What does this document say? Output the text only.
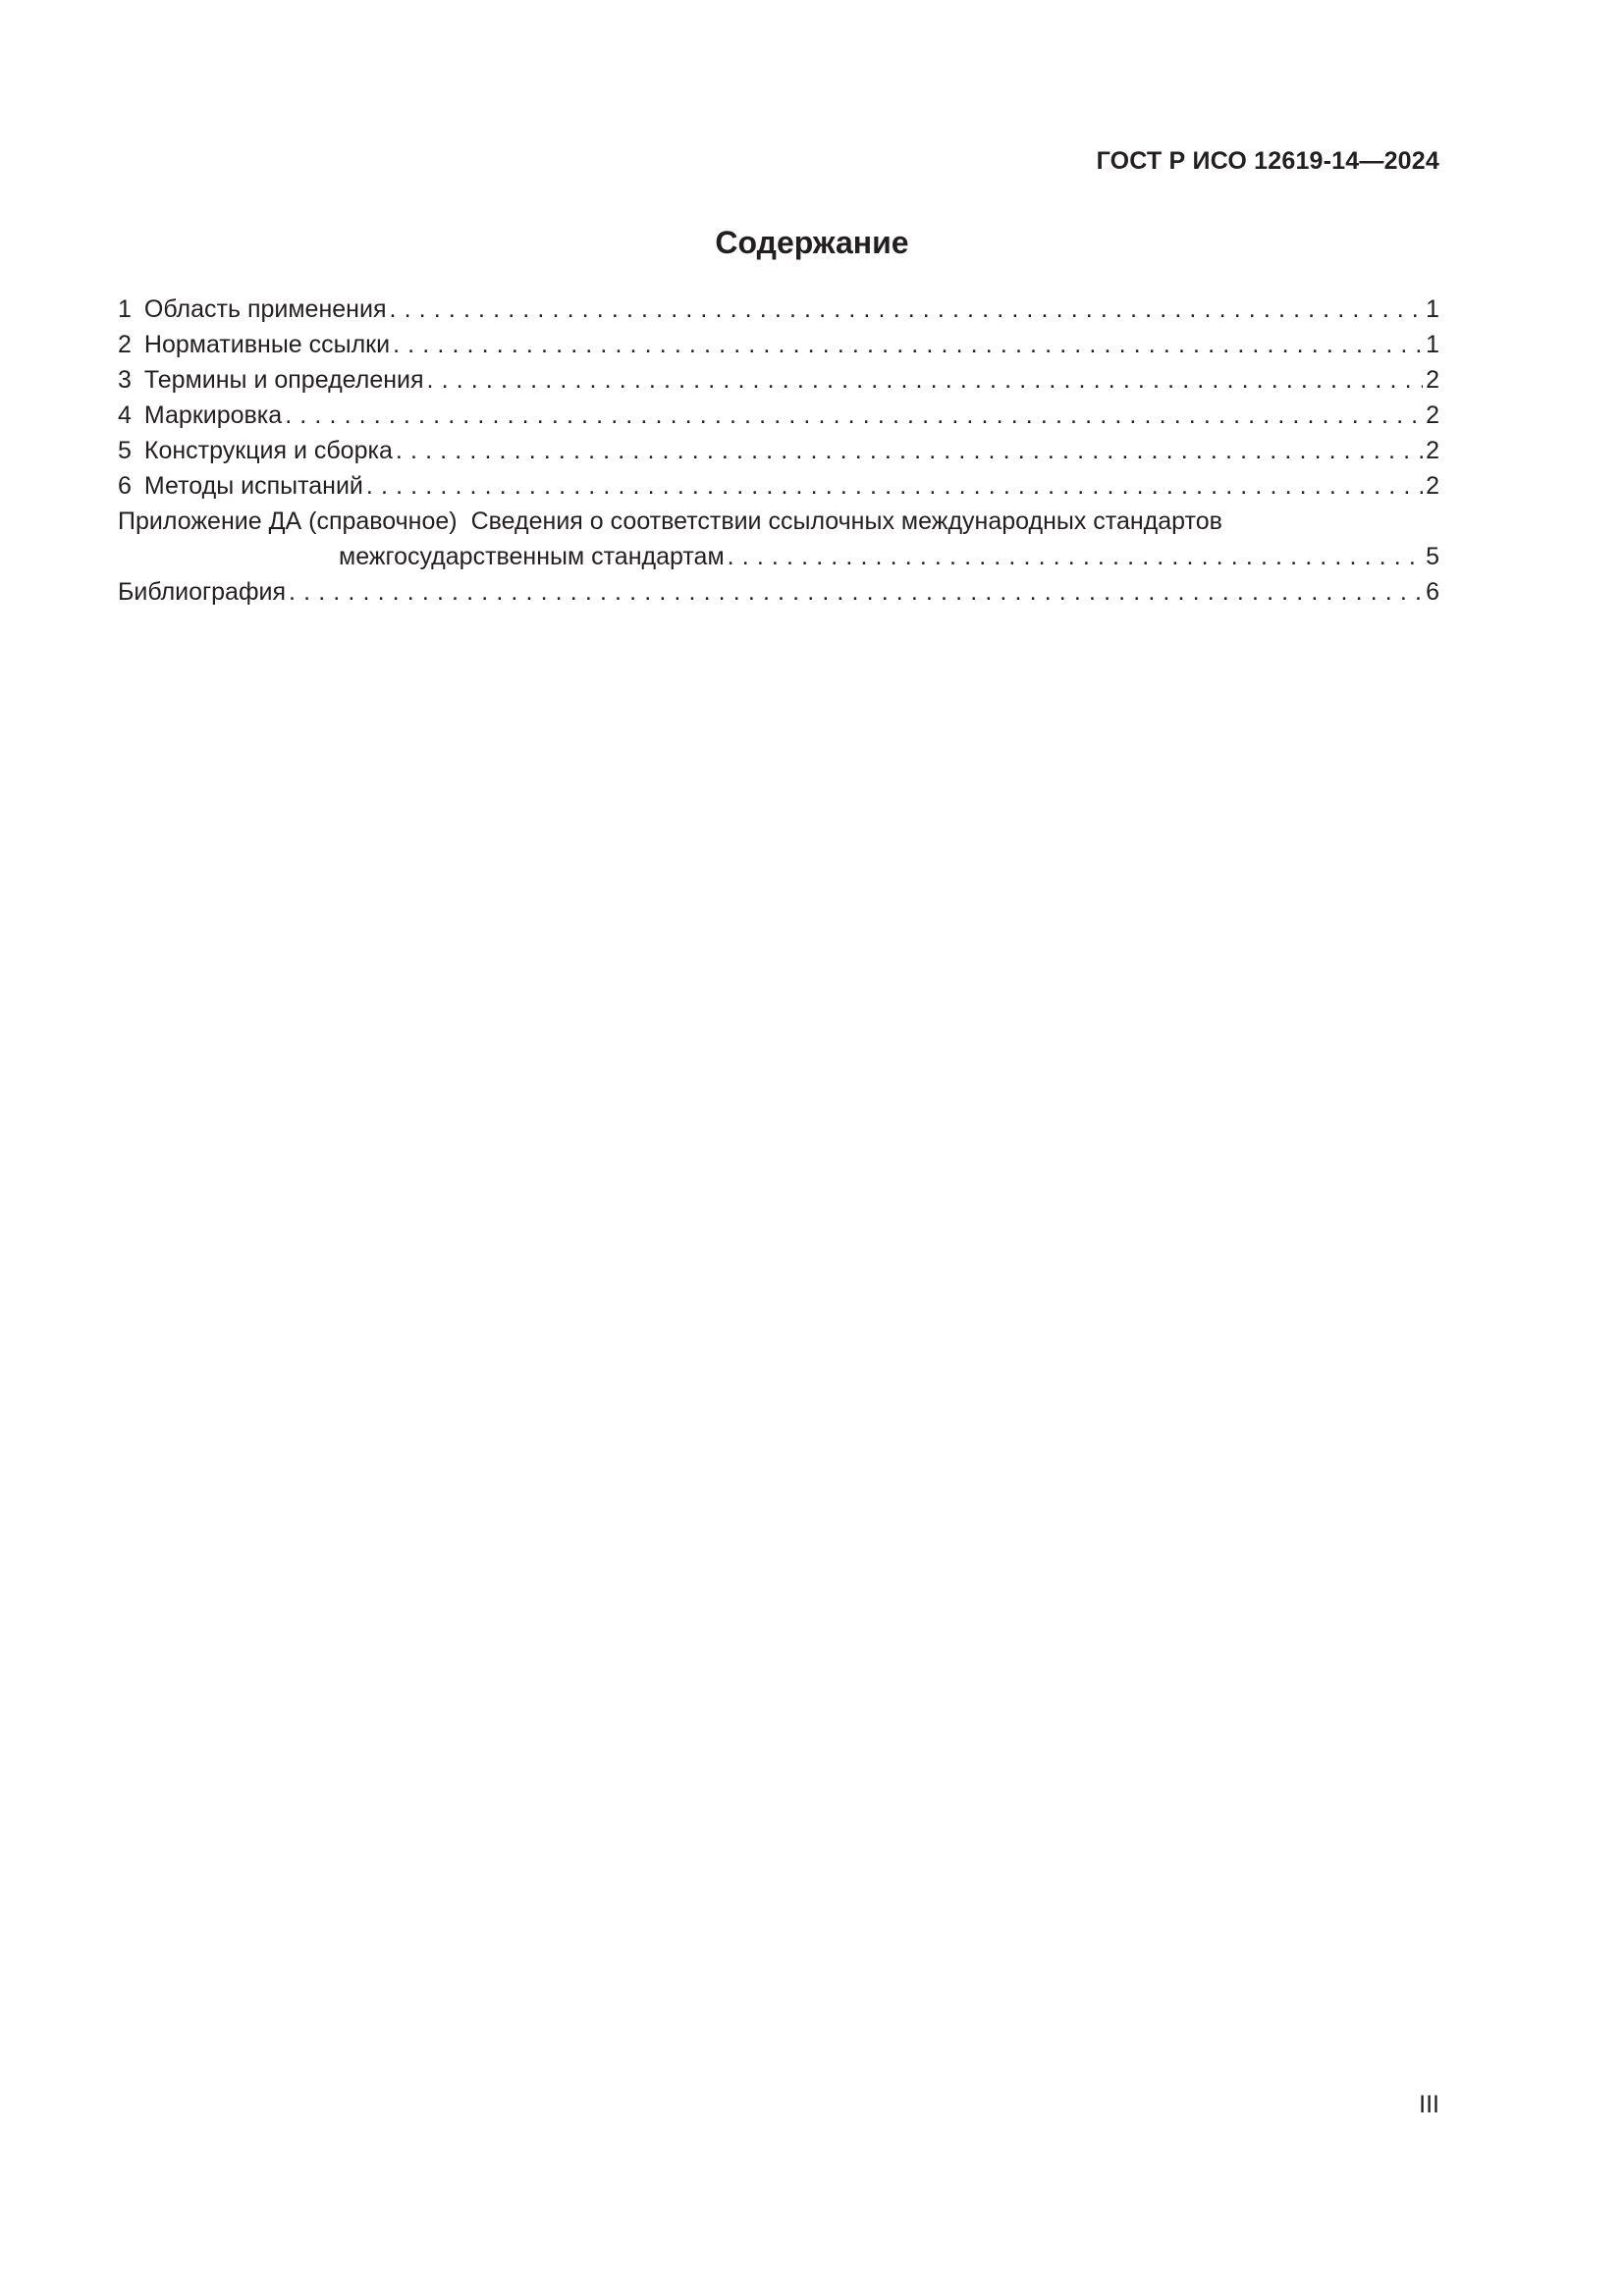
ГОСТ Р ИСО 12619-14—2024
Содержание
1 Область применения . . .	1
2 Нормативные ссылки . . .	1
3 Термины и определения . . .	2
4 Маркировка . . .	2
5 Конструкция и сборка . . .	2
6 Методы испытаний . . .	2
Приложение ДА (справочное) Сведения о соответствии ссылочных международных стандартов
межгосударственным стандартам . . .	5
Библиография . . .	6
III
